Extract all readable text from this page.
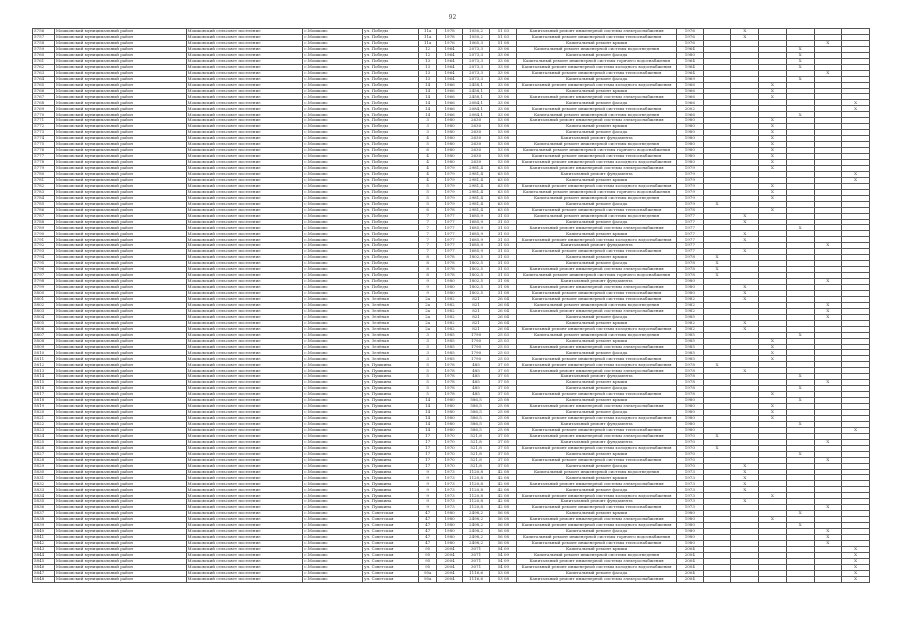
92
5756	Мошковский муниципальный район	Мошковский сельсовет поселение	с.Мошково	ул. Победы	11а	1978	1050,2	51 03	Капитальный ремонт инженерной системы электроснабжения	1976		X				
5757	Мошковский муниципальный район	Мошковский сельсовет поселение	с.Мошково	ул. Победы	11а	1978	1050,2	51 03	Капитальный ремонт инженерной системы теплоснабжения	1976		X				
5758	Мошковский муниципальный район	Мошковский сельсовет поселение	с.Мошково	ул. Победы	11а	1976	1065,3	51 08	Капитальный ремонт крыши	1976					X	
5759	Мошковский муниципальный район	Мошковский сельсовет поселение	с.Мошково	ул. Победы	12	1964	2073,3	33 06	Капитальный ремонт инженерной системы водоотведения	1964				X		
5760	Мошковский муниципальный район	Мошковский сельсовет поселение	с.Мошково	ул. Победы	12	1964	2073,3	33 06	Капитальный ремонт фасада	1980				X		
5761	Мошковский муниципальный район	Мошковский сельсовет поселение	с.Мошково	ул. Победы	13	1964	2073,3	33 06	Капитальный ремонт инженерной системы горячего водоснабжения	1964				X		
5762	Мошковский муниципальный район	Мошковский сельсовет поселение	с.Мошково	ул. Победы	13	1964	2073,3	33 06	Капитальный ремонт инженерной системы холодного водоснабжения	1964				X		
5763	Мошковский муниципальный район	Мошковский сельсовет поселение	с.Мошково	ул. Победы	13	1964	2073,3	33 06	Капитальный ремонт инженерной системы теплоснабжения	1964					X	
5764	Мошковский муниципальный район	Мошковский сельсовет поселение	с.Мошково	ул. Победы	13	1964	2073,3	33 06	Капитальный ремонт фасада	1969				X		
5765	Мошковский муниципальный район	Мошковский сельсовет поселение	с.Мошково	ул. Победы	14	1966	2458,1	33 06	Капитальный ремонт инженерной системы холодного водоснабжения	1966			X			
5766	Мошковский муниципальный район	Мошковский сельсовет поселение	с.Мошково	ул. Победы	14	1966	2458,1	33 06	Капитальный ремонт крыши	1966			X			
5767	Мошковский муниципальный район	Мошковский сельсовет поселение	с.Мошково	ул. Победы	14	1966	2458,1	33 06	Капитальный ремонт инженерной системы электроснабжения	1966			X			
5768	Мошковский муниципальный район	Мошковский сельсовет поселение	с.Мошково	ул. Победы	14	1966	2084,1	33 06	Капитальный ремонт фасада	1966						X
5769	Мошковский муниципальный район	Мошковский сельсовет поселение	с.Мошково	ул. Победы	14	1966	2084,1	33 06	Капитальный ремонт инженерной системы теплоснабжения	2002						X
5770	Мошковский муниципальный район	Мошковский сельсовет поселение	с.Мошково	ул. Победы	14	1966	2084,1	33 06	Капитальный ремонт инженерной системы водоотведения	1966				X		
5771	Мошковский муниципальный район	Мошковский сельсовет поселение	с.Мошково	ул. Победы	3	1980	2630	53 08	Капитальный ремонт инженерной системы электроснабжения	1980			X			
5772	Мошковский муниципальный район	Мошковский сельсовет поселение	с.Мошково	ул. Победы	3	1980	2630	53 08	Капитальный ремонт крыши	1980			X			
5773	Мошковский муниципальный район	Мошковский сельсовет поселение	с.Мошково	ул. Победы	3	1980	2630	53 08	Капитальный ремонт фасада	1980			X			
5774	Мошковский муниципальный район	Мошковский сельсовет поселение	с.Мошково	ул. Победы	4	1980	2630	53 08	Капитальный ремонт фундамента	1980			X			
5775	Мошковский муниципальный район	Мошковский сельсовет поселение	с.Мошково	ул. Победы	5	1980	2630	53 08	Капитальный ремонт инженерной системы водоотведения	1980			X			
5776	Мошковский муниципальный район	Мошковский сельсовет поселение	с.Мошково	ул. Победы	6	1980	2630	53 08	Капитальный ремонт инженерной системы горячего водоснабжения	1980			X			
5777	Мошковский муниципальный район	Мошковский сельсовет поселение	с.Мошково	ул. Победы	4	1980	2630	53 08	Капитальный ремонт инженерной системы теплоснабжения	1980			X			
5778	Мошковский муниципальный район	Мошковский сельсовет поселение	с.Мошково	ул. Победы	4	1980	2630	53 08	Капитальный ремонт инженерной системы холодного водоснабжения	1980			X			
5779	Мошковский муниципальный район	Мошковский сельсовет поселение	с.Мошково	ул. Победы	4	1979	2981,4	63 05	Капитальный ремонт инженерной системы электроснабжения	1979			X			
5780	Мошковский муниципальный район	Мошковский сельсовет поселение	с.Мошково	ул. Победы	4	1979	2981,4	63 05	Капитальный ремонт фундамента	1979						X
5781	Мошковский муниципальный район	Мошковский сельсовет поселение	с.Мошково	ул. Победы	4	1979	2981,4	63 05	Капитальный ремонт крыши	1979						X
5782	Мошковский муниципальный район	Мошковский сельсовет поселение	с.Мошково	ул. Победы	5	1979	2981,4	63 05	Капитальный ремонт инженерной системы холодного водоснабжения	1979			X			
5783	Мошковский муниципальный район	Мошковский сельсовет поселение	с.Мошково	ул. Победы	5	1979	2981,4	63 05	Капитальный ремонт инженерной системы горячего водоснабжения	1979			X			
5784	Мошковский муниципальный район	Мошковский сельсовет поселение	с.Мошково	ул. Победы	5	1979	2981,4	63 05	Капитальный ремонт инженерной системы водоотведения	1979			X			
5785	Мошковский муниципальный район	Мошковский сельсовет поселение	с.Мошково	ул. Победы	5	1979	2981,4	63 05	Капитальный ремонт фасада	1979	X					
5786	Мошковский муниципальный район	Мошковский сельсовет поселение	с.Мошково	ул. Победы	6	1978	2981,4	63 05	Капитальный ремонт инженерной системы теплоснабжения	1978			X			
5787	Мошковский муниципальный район	Мошковский сельсовет поселение	с.Мошково	ул. Победы	7	1977	1685,9	31 03	Капитальный ремонт инженерной системы водоотведения	1977		X				
5788	Мошковский муниципальный район	Мошковский сельсовет поселение	с.Мошково	ул. Победы	7	1977	1685,9	31 03	Капитальный ремонт фасада	1977		X				
5789	Мошковский муниципальный район	Мошковский сельсовет поселение	с.Мошково	ул. Победы	7	1977	1685,9	31 03	Капитальный ремонт инженерной системы электроснабжения	1977				X		
5790	Мошковский муниципальный район	Мошковский сельсовет поселение	с.Мошково	ул. Победы	7	1977	1685,9	31 03	Капитальный ремонт крыши	1977		X				
5791	Мошковский муниципальный район	Мошковский сельсовет поселение	с.Мошково	ул. Победы	7	1977	1685,9	31 03	Капитальный ремонт инженерной системы холодного водоснабжения	1977		X				
5792	Мошковский муниципальный район	Мошковский сельсовет поселение	с.Мошково	ул. Победы	7	1977	1685,9	31 03	Капитальный ремонт фундамента	1977					X	
5793	Мошковский муниципальный район	Мошковский сельсовет поселение	с.Мошково	ул. Победы	7	1977	1685,9	31 03	Капитальный ремонт инженерной системы теплоснабжения	1977		X				
5794	Мошковский муниципальный район	Мошковский сельсовет поселение	с.Мошково	ул. Победы	8	1978	1802,5	31 03	Капитальный ремонт крыши	1978	X					
5795	Мошковский муниципальный район	Мошковский сельсовет поселение	с.Мошково	ул. Победы	8	1978	1802,5	31 03	Капитальный ремонт фасада	1978	X					
5796	Мошковский муниципальный район	Мошковский сельсовет поселение	с.Мошково	ул. Победы	8	1978	1802,5	31 03	Капитальный ремонт инженерной системы электроснабжения	1978	X					
5797	Мошковский муниципальный район	Мошковский сельсовет поселение	с.Мошково	ул. Победы	8	1978	1802,5	31 03	Капитальный ремонт инженерной системы горячего водоснабжения	1978	X					
5798	Мошковский муниципальный район	Мошковский сельсовет поселение	с.Мошково	ул. Победы	9	1980	1802,5	31 08	Капитальный ремонт фундамента	1980					X	
5799	Мошковский муниципальный район	Мошковский сельсовет поселение	с.Мошково	ул. Победы	9	1980	1802,5	31 08	Капитальный ремонт инженерной системы электроснабжения	1980		X				
5800	Мошковский муниципальный район	Мошковский сельсовет поселение	с.Мошково	ул. Победы	9	1980	1802,5	31 08	Капитальный ремонт инженерной системы теплоснабжения	1980		X				
5801	Мошковский муниципальный район	Мошковский сельсовет поселение	с.Мошково	ул. Зелёная	2а	1982	821	26 04	Капитальный ремонт инженерной системы теплоснабжения	1982		X				
5802	Мошковский муниципальный район	Мошковский сельсовет поселение	с.Мошково	ул. Зелёная	2а	1982	821	26 04	Капитальный ремонт инженерной системы водоотведения	1982					X	
5803	Мошковский муниципальный район	Мошковский сельсовет поселение	с.Мошково	ул. Зелёная	2а	1982	821	26 04	Капитальный ремонт инженерной системы электроснабжения	1982					X	
5804	Мошковский муниципальный район	Мошковский сельсовет поселение	с.Мошково	ул. Зелёная	2а	1982	821	26 04	Капитальный ремонт фасада	1985					X	
5805	Мошковский муниципальный район	Мошковский сельсовет поселение	с.Мошково	ул. Зелёная	2а	1982	821	26 04	Капитальный ремонт крыши	1982		X				
5806	Мошковский муниципальный район	Мошковский сельсовет поселение	с.Мошково	ул. Зелёная	2а	1982	821	26 04	Капитальный ремонт инженерной системы холодного водоснабжения	1982		X				
5807	Мошковский муниципальный район	Мошковский сельсовет поселение	с.Мошково	ул. Зелёная	3	1985	1790	25 03	Капитальный ремонт инженерной системы водоотведения	1985				X		
5808	Мошковский муниципальный район	Мошковский сельсовет поселение	с.Мошково	ул. Зелёная	3	1985	1790	25 03	Капитальный ремонт крыши	1985			X			
5809	Мошковский муниципальный район	Мошковский сельсовет поселение	с.Мошково	ул. Зелёная	3	1985	1790	25 03	Капитальный ремонт инженерной системы электроснабжения	1985			X			
5810	Мошковский муниципальный район	Мошковский сельсовет поселение	с.Мошково	ул. Зелёная	3	1985	1790	25 03	Капитальный ремонт фасада	1985			X			
5811	Мошковский муниципальный район	Мошковский сельсовет поселение	с.Мошково	ул. Зелёная	3	1985	1790	25 03	Капитальный ремонт инженерной системы теплоснабжения	1985			X			
5812	Мошковский муниципальный район	Мошковский сельсовет поселение	с.Мошково	ул. Пушкина	5	1978	485	37 05	Капитальный ремонт инженерной системы холодного водоснабжения	1978	X					
5813	Мошковский муниципальный район	Мошковский сельсовет поселение	с.Мошково	ул. Пушкина	5	1978	485	37 05	Капитальный ремонт инженерной системы электроснабжения	1978		X				
5814	Мошковский муниципальный район	Мошковский сельсовет поселение	с.Мошково	ул. Пушкина	5	1978	485	37 05	Капитальный ремонт фундамента	1978				X		
5815	Мошковский муниципальный район	Мошковский сельсовет поселение	с.Мошково	ул. Пушкина	5	1978	485	37 05	Капитальный ремонт крыши	1978					X	
5816	Мошковский муниципальный район	Мошковский сельсовет поселение	с.Мошково	ул. Пушкина	5	1978	485	37 05	Капитальный ремонт фасада	1978				X		
5817	Мошковский муниципальный район	Мошковский сельсовет поселение	с.Мошково	ул. Пушкина	5	1978	485	37 05	Капитальный ремонт инженерной системы теплоснабжения	1978			X			
5818	Мошковский муниципальный район	Мошковский сельсовет поселение	с.Мошково	ул. Пушкина	14	1980	586,5	25 08	Капитальный ремонт крыши	1980				X		
5819	Мошковский муниципальный район	Мошковский сельсовет поселение	с.Мошково	ул. Пушкина	14	1980	586,5	25 08	Капитальный ремонт инженерной системы электроснабжения	1980			X			
5820	Мошковский муниципальный район	Мошковский сельсовет поселение	с.Мошково	ул. Пушкина	14	1980	586,5	25 08	Капитальный ремонт фасада	1980			X			
5821	Мошковский муниципальный район	Мошковский сельсовет поселение	с.Мошково	ул. Пушкина	14	1980	586,5	25 08	Капитальный ремонт инженерной системы холодного водоснабжения	1980			X			
5822	Мошковский муниципальный район	Мошковский сельсовет поселение	с.Мошково	ул. Пушкина	14	1980	586,5	25 08	Капитальный ремонт фундамента	1980				X		
5823	Мошковский муниципальный район	Мошковский сельсовет поселение	с.Мошково	ул. Пушкина	14	1980	586,5	25 08	Капитальный ремонт инженерной системы теплоснабжения	1980						X
5824	Мошковский муниципальный район	Мошковский сельсовет поселение	с.Мошково	ул. Пушкина	17	1970	521,8	37 05	Капитальный ремонт инженерной системы электроснабжения	1970	X					
5825	Мошковский муниципальный район	Мошковский сельсовет поселение	с.Мошково	ул. Пушкина	17	1970	521,8	37 05	Капитальный ремонт фундамента	1970					X	
5826	Мошковский муниципальный район	Мошковский сельсовет поселение	с.Мошково	ул. Пушкина	17	1970	521,8	37 05	Капитальный ремонт инженерной системы холодного водоснабжения	1970	X					
5827	Мошковский муниципальный район	Мошковский сельсовет поселение	с.Мошково	ул. Пушкина	17	1970	521,8	37 05	Капитальный ремонт крыши	1970				X		
5828	Мошковский муниципальный район	Мошковский сельсовет поселение	с.Мошково	ул. Пушкина	17	1970	521,8	37 05	Капитальный ремонт инженерной системы теплоснабжения	1970					X	
5829	Мошковский муниципальный район	Мошковский сельсовет поселение	с.Мошково	ул. Пушкина	17	1970	521,8	37 05	Капитальный ремонт фасада	1970		X				
5830	Мошковский муниципальный район	Мошковский сельсовет поселение	с.Мошково	ул. Пушкина	9	1973	1120,8	42 08	Капитальный ремонт инженерной системы водоотведения	1973		X				
5831	Мошковский муниципальный район	Мошковский сельсовет поселение	с.Мошково	ул. Пушкина	9	1973	1120,8	42 08	Капитальный ремонт крыши	1973		X				
5832	Мошковский муниципальный район	Мошковский сельсовет поселение	с.Мошково	ул. Пушкина	9	1973	1120,8	42 08	Капитальный ремонт инженерной системы электроснабжения	1973		X				
5833	Мошковский муниципальный район	Мошковский сельсовет поселение	с.Мошково	ул. Пушкина	9	1973	1120,8	42 08	Капитальный ремонт фасада	1973		X				
5834	Мошковский муниципальный район	Мошковский сельсовет поселение	с.Мошково	ул. Пушкина	9	1973	1120,8	42 08	Капитальный ремонт инженерной системы холодного водоснабжения	1973			X			
5835	Мошковский муниципальный район	Мошковский сельсовет поселение	с.Мошково	ул. Пушкина	9	1973	1120,8	42 08	Капитальный ремонт фундамента	1973		X				
5836	Мошковский муниципальный район	Мошковский сельсовет поселение	с.Мошково	ул. Пушкина	9	1973	1120,8	42 08	Капитальный ремонт инженерной системы теплоснабжения	1973					X	
5837	Мошковский муниципальный район	Мошковский сельсовет поселение	с.Мошково	ул. Советская	47	1980	2498,2	56 08	Капитальный ремонт крыши	1980				X		
5838	Мошковский муниципальный район	Мошковский сельсовет поселение	с.Мошково	ул. Советская	47	1980	2498,2	56 08	Капитальный ремонт инженерной системы электроснабжения	1980			X			
5839	Мошковский муниципальный район	Мошковский сельсовет поселение	с.Мошково	ул. Советская	47	1980	2498,2	56 08	Капитальный ремонт инженерной системы холодного водоснабжения	1980				X		
5840	Мошковский муниципальный район	Мошковский сельсовет поселение	с.Мошково	ул. Советская	47	1980	2498,2	56 08	Капитальный ремонт фасада	1980					X	
5841	Мошковский муниципальный район	Мошковский сельсовет поселение	с.Мошково	ул. Советская	47	1980	2498,2	56 08	Капитальный ремонт инженерной системы горячего водоснабжения	1980					X	
5842	Мошковский муниципальный район	Мошковский сельсовет поселение	с.Мошково	ул. Советская	47	1980	2498,2	56 08	Капитальный ремонт инженерной системы теплоснабжения	1980					X	
5843	Мошковский муниципальный район	Мошковский сельсовет поселение	с.Мошково	ул. Советская	95	2004	3071	54 09	Капитальный ремонт крыши	2004						X
5844	Мошковский муниципальный район	Мошковский сельсовет поселение	с.Мошково	ул. Советская	95	2004	3071	54 09	Капитальный ремонт инженерной системы водоотведения	2004						X
5845	Мошковский муниципальный район	Мошковский сельсовет поселение	с.Мошково	ул. Советская	95	2004	3071	54 09	Капитальный ремонт инженерной системы электроснабжения	2004						X
5846	Мошковский муниципальный район	Мошковский сельсовет поселение	с.Мошково	ул. Советская	95	2004	3071	54 09	Капитальный ремонт инженерной системы холодного водоснабжения	2004						X
5847	Мошковский муниципальный район	Мошковский сельсовет поселение	с.Мошково	ул. Советская	95а	2004	1116,6	53 08	Капитальный ремонт фасада	2004						X
5848	Мошковский муниципальный район	Мошковский сельсовет поселение	с.Мошково	ул. Советская	95а	2004	1116,6	53 08	Капитальный ремонт инженерной системы электроснабжения	2004						X
